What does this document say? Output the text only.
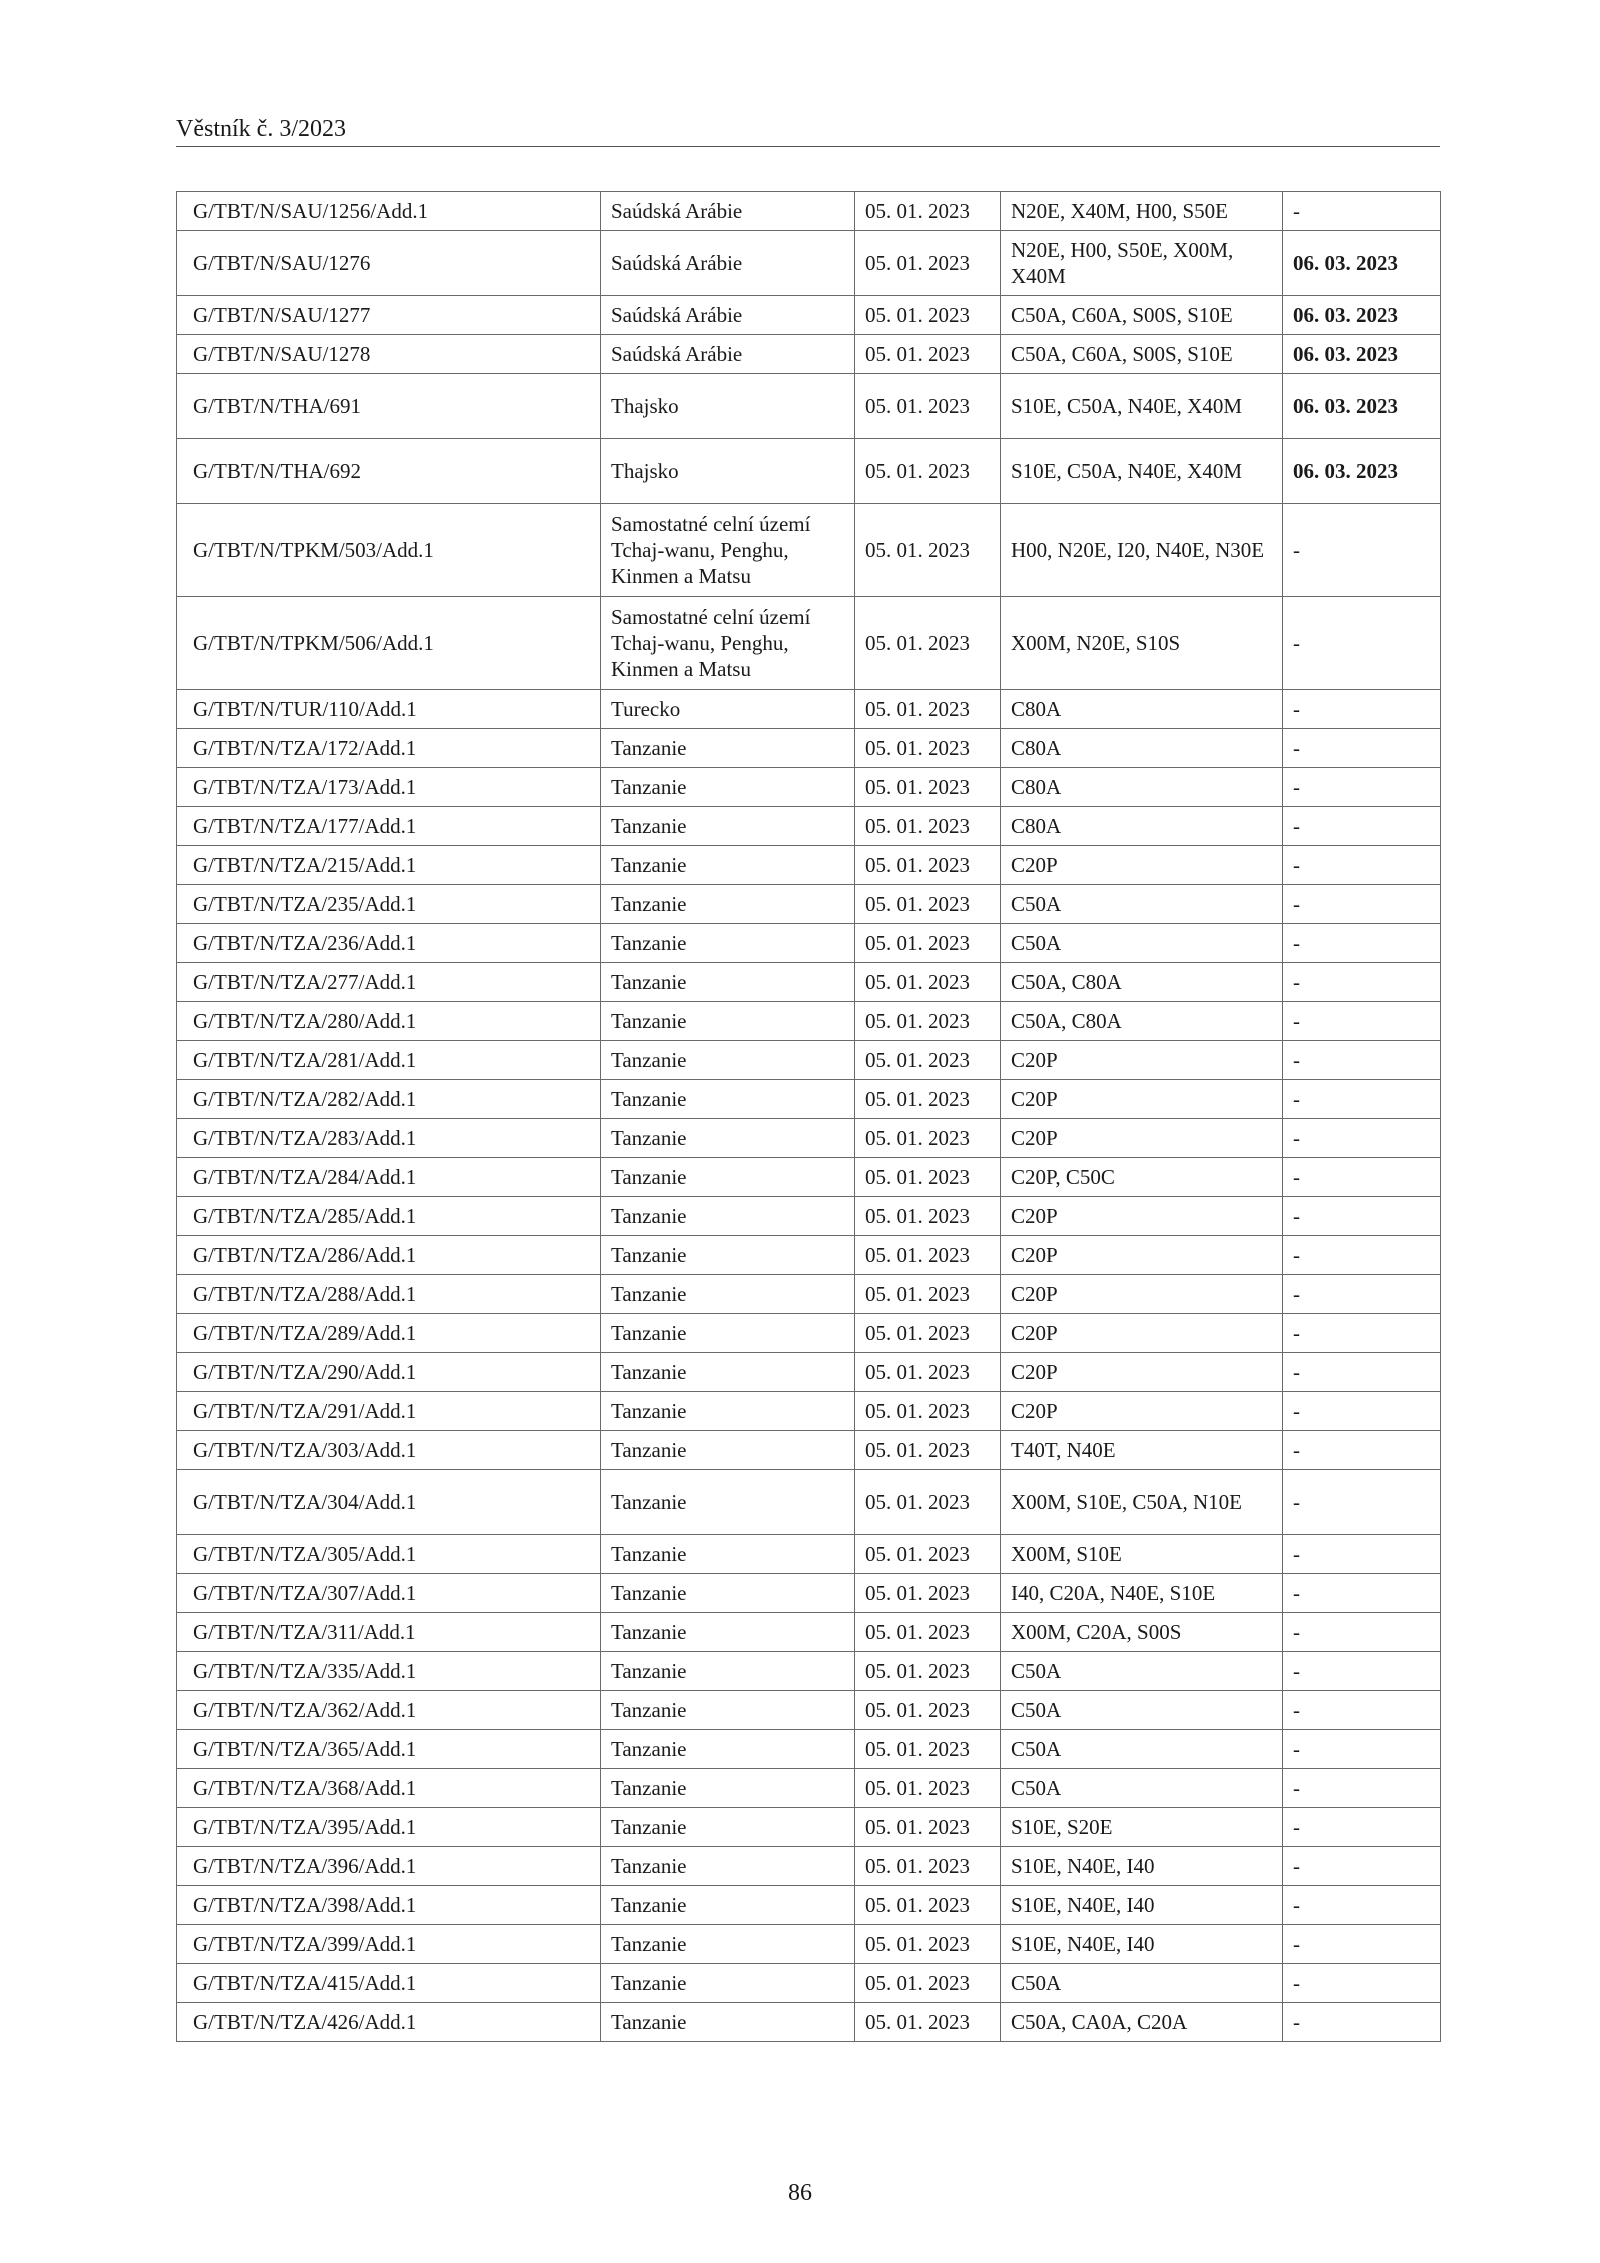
Věstník č. 3/2023
G/TBT/N/SAU/1256/Add.1	Saúdská Arábie	05. 01. 2023	N20E, X40M, H00, S50E	-
G/TBT/N/SAU/1276	Saúdská Arábie	05. 01. 2023	N20E, H00, S50E, X00M, X40M	06. 03. 2023
G/TBT/N/SAU/1277	Saúdská Arábie	05. 01. 2023	C50A, C60A, S00S, S10E	06. 03. 2023
G/TBT/N/SAU/1278	Saúdská Arábie	05. 01. 2023	C50A, C60A, S00S, S10E	06. 03. 2023
G/TBT/N/THA/691	Thajsko	05. 01. 2023	S10E, C50A, N40E, X40M	06. 03. 2023
G/TBT/N/THA/692	Thajsko	05. 01. 2023	S10E, C50A, N40E, X40M	06. 03. 2023
G/TBT/N/TPKM/503/Add.1	Samostatné celní území Tchaj-wanu, Penghu, Kinmen a Matsu	05. 01. 2023	H00, N20E, I20, N40E, N30E	-
G/TBT/N/TPKM/506/Add.1	Samostatné celní území Tchaj-wanu, Penghu, Kinmen a Matsu	05. 01. 2023	X00M, N20E, S10S	-
G/TBT/N/TUR/110/Add.1	Turecko	05. 01. 2023	C80A	-
G/TBT/N/TZA/172/Add.1	Tanzanie	05. 01. 2023	C80A	-
G/TBT/N/TZA/173/Add.1	Tanzanie	05. 01. 2023	C80A	-
G/TBT/N/TZA/177/Add.1	Tanzanie	05. 01. 2023	C80A	-
G/TBT/N/TZA/215/Add.1	Tanzanie	05. 01. 2023	C20P	-
G/TBT/N/TZA/235/Add.1	Tanzanie	05. 01. 2023	C50A	-
G/TBT/N/TZA/236/Add.1	Tanzanie	05. 01. 2023	C50A	-
G/TBT/N/TZA/277/Add.1	Tanzanie	05. 01. 2023	C50A, C80A	-
G/TBT/N/TZA/280/Add.1	Tanzanie	05. 01. 2023	C50A, C80A	-
G/TBT/N/TZA/281/Add.1	Tanzanie	05. 01. 2023	C20P	-
G/TBT/N/TZA/282/Add.1	Tanzanie	05. 01. 2023	C20P	-
G/TBT/N/TZA/283/Add.1	Tanzanie	05. 01. 2023	C20P	-
G/TBT/N/TZA/284/Add.1	Tanzanie	05. 01. 2023	C20P, C50C	-
G/TBT/N/TZA/285/Add.1	Tanzanie	05. 01. 2023	C20P	-
G/TBT/N/TZA/286/Add.1	Tanzanie	05. 01. 2023	C20P	-
G/TBT/N/TZA/288/Add.1	Tanzanie	05. 01. 2023	C20P	-
G/TBT/N/TZA/289/Add.1	Tanzanie	05. 01. 2023	C20P	-
G/TBT/N/TZA/290/Add.1	Tanzanie	05. 01. 2023	C20P	-
G/TBT/N/TZA/291/Add.1	Tanzanie	05. 01. 2023	C20P	-
G/TBT/N/TZA/303/Add.1	Tanzanie	05. 01. 2023	T40T, N40E	-
G/TBT/N/TZA/304/Add.1	Tanzanie	05. 01. 2023	X00M, S10E, C50A, N10E	-
G/TBT/N/TZA/305/Add.1	Tanzanie	05. 01. 2023	X00M, S10E	-
G/TBT/N/TZA/307/Add.1	Tanzanie	05. 01. 2023	I40, C20A, N40E, S10E	-
G/TBT/N/TZA/311/Add.1	Tanzanie	05. 01. 2023	X00M, C20A, S00S	-
G/TBT/N/TZA/335/Add.1	Tanzanie	05. 01. 2023	C50A	-
G/TBT/N/TZA/362/Add.1	Tanzanie	05. 01. 2023	C50A	-
G/TBT/N/TZA/365/Add.1	Tanzanie	05. 01. 2023	C50A	-
G/TBT/N/TZA/368/Add.1	Tanzanie	05. 01. 2023	C50A	-
G/TBT/N/TZA/395/Add.1	Tanzanie	05. 01. 2023	S10E, S20E	-
G/TBT/N/TZA/396/Add.1	Tanzanie	05. 01. 2023	S10E, N40E, I40	-
G/TBT/N/TZA/398/Add.1	Tanzanie	05. 01. 2023	S10E, N40E, I40	-
G/TBT/N/TZA/399/Add.1	Tanzanie	05. 01. 2023	S10E, N40E, I40	-
G/TBT/N/TZA/415/Add.1	Tanzanie	05. 01. 2023	C50A	-
G/TBT/N/TZA/426/Add.1	Tanzanie	05. 01. 2023	C50A, CA0A, C20A	-
86
